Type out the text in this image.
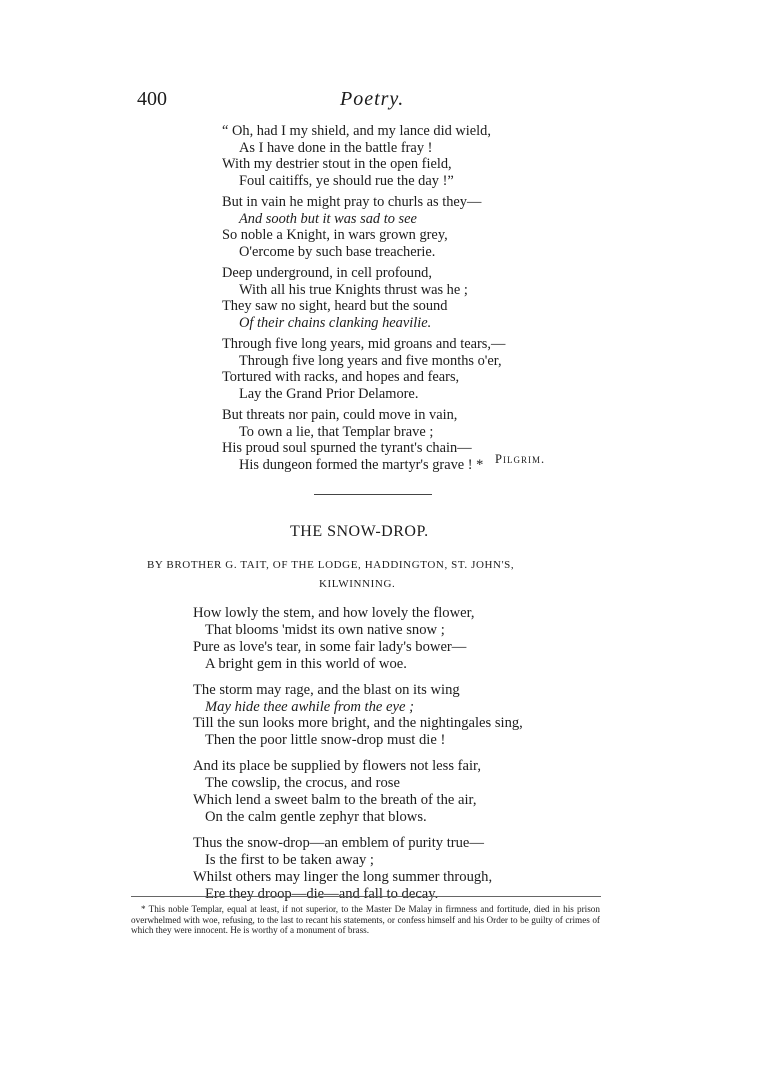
400	Poetry.
“ Oh, had I my shield, and my lance did wield,
As I have done in the battle fray !
With my destrier stout in the open field,
Foul caitiffs, ye should rue the day !”
But in vain he might pray to churls as they—
And sooth but it was sad to see
So noble a Knight, in wars grown grey,
O'ercome by such base treacherie.
Deep underground, in cell profound,
With all his true Knights thrust was he ;
They saw no sight, heard but the sound
Of their chains clanking heavilie.
Through five long years, mid groans and tears,—
Through five long years and five months o'er,
Tortured with racks, and hopes and fears,
Lay the Grand Prior Delamore.
But threats nor pain, could move in vain,
To own a lie, that Templar brave ;
His proud soul spurned the tyrant's chain—
His dungeon formed the martyr's grave ! * Pilgrim.
THE SNOW-DROP.
BY BROTHER G. TAIT, OF THE LODGE, HADDINGTON, ST. JOHN'S,
KILWINNING.
How lowly the stem, and how lovely the flower,
That blooms 'midst its own native snow ;
Pure as love's tear, in some fair lady's bower—
A bright gem in this world of woe.
The storm may rage, and the blast on its wing
May hide thee awhile from the eye ;
Till the sun looks more bright, and the nightingales sing,
Then the poor little snow-drop must die !
And its place be supplied by flowers not less fair,
The cowslip, the crocus, and rose
Which lend a sweet balm to the breath of the air,
On the calm gentle zephyr that blows.
Thus the snow-drop—an emblem of purity true—
Is the first to be taken away ;
Whilst others may linger the long summer through,
Ere they droop—die—and fall to decay.
* This noble Templar, equal at least, if not superior, to the Master De Malay in firmness and fortitude, died in his prison overwhelmed with woe, refusing, to the last to recant his statements, or confess himself and his Order to be guilty of crimes of which they were innocent. He is worthy of a monument of brass.
